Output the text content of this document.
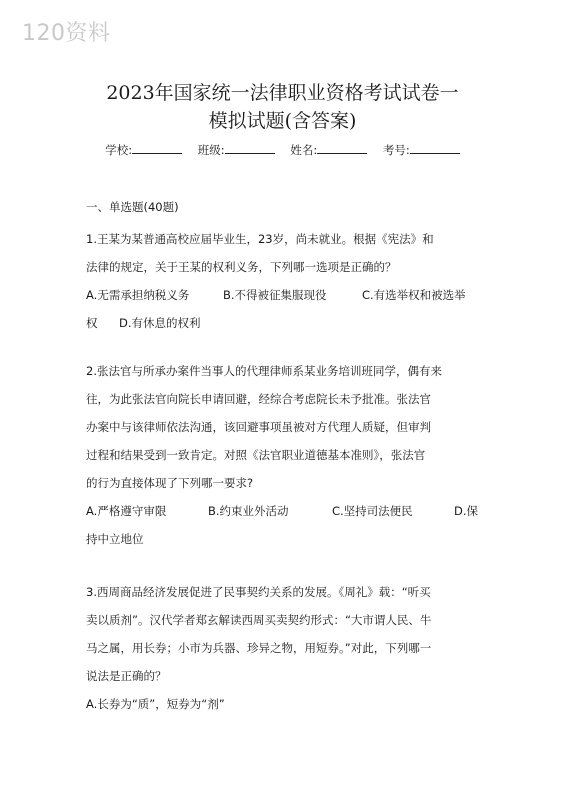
120资料
2023年国家统一法律职业资格考试试卷一
模拟试题(含答案)
学校:	班级:	姓名:	考号:
一、单选题(40题)
1.王某为某普通高校应届毕业生，23岁，尚未就业。根据《宪法》和
法律的规定，关于王某的权利义务，下列哪一选项是正确的？
A.无需承担纳税义务	B.不得被征集服现役	C.有选举权和被选举
权 D.有休息的权利
2.张法官与所承办案件当事人的代理律师系某业务培训班同学，偶有来
往，为此张法官向院长申请回避，经综合考虑院长未予批准。张法官
办案中与该律师依法沟通，该回避事项虽被对方代理人质疑，但审判
过程和结果受到一致肯定。对照《法官职业道德基本准则》，张法官
的行为直接体现了下列哪一要求?
A.严格遵守审限	B.约束业外活动	C.坚持司法便民	D.保
持中立地位
3.西周商品经济发展促进了民事契约关系的发展。《周礼》载：“听买
卖以质剂”。汉代学者郑玄解读西周买卖契约形式：“大市谓人民、牛
马之属，用长券；小市为兵器、珍异之物，用短券。”对此，下列哪一
说法是正确的？
A.长券为“质”，短券为“剂”
